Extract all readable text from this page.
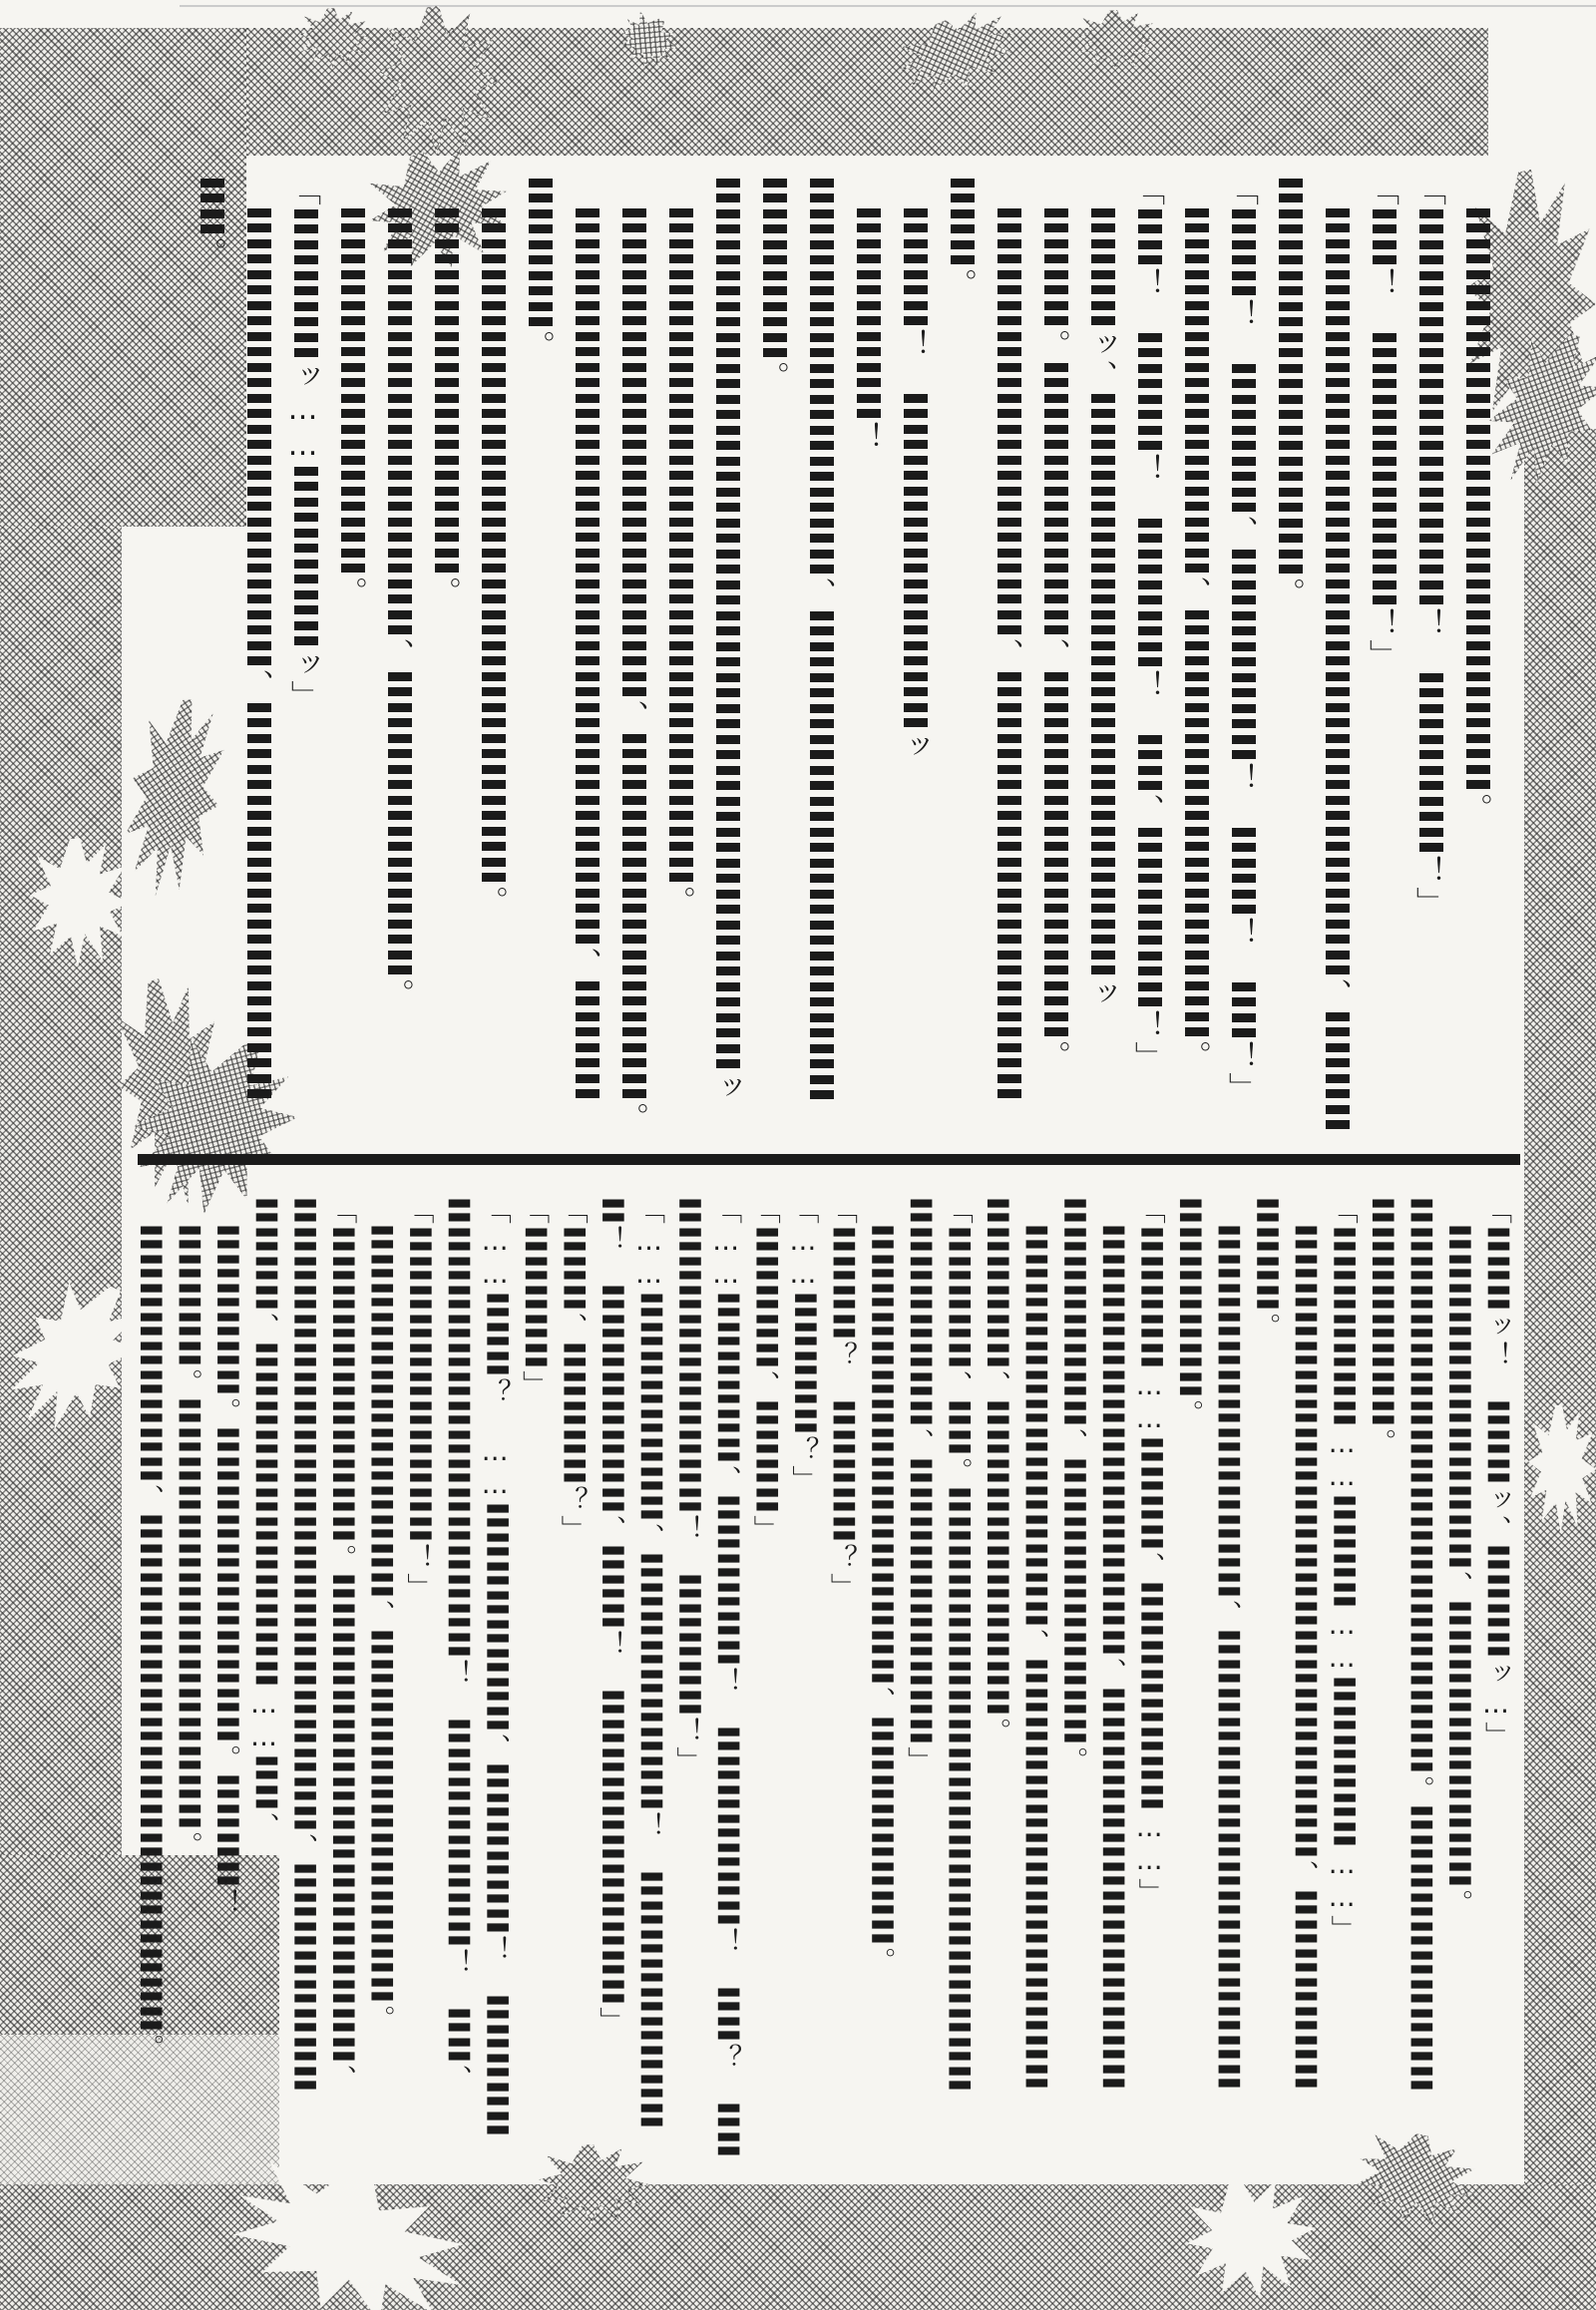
〓〓〓〓〓〓〓〓〓〓〓〓〓〓〓〓〓〓〓。
「〓〓〓〓〓〓〓〓〓〓〓〓〓！　〓〓〓〓〓〓！」
「〓〓！　〓〓〓〓〓〓〓〓〓！」
〓〓〓〓〓〓〓〓〓〓〓〓〓〓〓〓〓〓〓〓〓〓〓〓〓、〓〓〓〓
〓〓〓〓〓〓〓〓〓〓〓〓〓。
「〓〓〓！　〓〓〓〓〓、〓〓〓〓〓〓〓！　〓〓〓！　〓〓！」
〓〓〓〓〓〓〓〓〓〓〓〓、〓〓〓〓〓〓〓〓〓〓〓〓〓〓。
「〓〓！　〓〓〓〓！　〓〓〓〓〓！　〓〓、〓〓〓〓〓〓！」
〓〓〓〓ッ、〓〓〓〓〓〓〓〓〓〓〓〓〓〓〓〓〓〓〓ッ
〓〓〓〓。〓〓〓〓〓〓〓〓〓、〓〓〓〓〓〓〓〓〓〓〓〓。
〓〓〓〓〓〓〓〓〓〓〓〓〓〓、〓〓〓〓〓〓〓〓〓〓〓〓〓〓
〓〓〓。
〓〓〓〓！　〓〓〓〓〓〓〓〓〓〓〓ッ
〓〓〓〓〓〓〓！
〓〓〓〓〓〓〓〓〓〓〓〓〓、〓〓〓〓〓〓〓〓〓〓〓〓〓〓〓〓
〓〓〓〓〓〓。
〓〓〓〓〓〓〓〓〓〓〓〓〓〓〓〓〓〓〓〓〓〓〓〓〓〓〓〓〓ッ
〓〓〓〓〓〓〓〓〓〓〓〓〓〓〓〓〓〓〓〓〓〓。
〓〓〓〓〓〓〓〓〓〓〓〓〓〓〓〓、〓〓〓〓〓〓〓〓〓〓〓〓。
〓〓〓〓〓〓〓〓〓〓〓〓〓〓〓〓〓〓〓〓〓〓〓〓、〓〓〓〓
〓〓〓〓〓。
〓〓〓〓〓〓〓〓〓〓〓〓〓〓〓〓〓〓〓〓〓〓。
〓〓〓〓〓〓〓〓〓〓〓〓。
〓〓〓〓〓〓〓〓〓〓〓〓〓〓、〓〓〓〓〓〓〓〓〓〓。
〓〓〓〓〓〓〓〓〓〓〓〓。
「〓〓〓〓〓ッ……〓〓〓〓〓〓ッ」
〓〓〓〓〓〓〓〓〓〓〓〓〓〓〓、〓〓〓〓〓〓〓〓〓〓〓〓〓
〓〓。
「〓〓〓ッ！　〓〓〓ッ、〓〓〓〓ッ…」
〓〓〓〓〓〓〓〓〓〓〓〓、〓〓〓〓〓〓〓〓〓〓。
〓〓〓〓〓〓〓〓〓〓〓〓〓〓〓〓〓〓〓〓。〓〓〓〓〓〓〓〓〓〓
〓〓〓〓〓〓〓〓。
「〓〓〓〓〓〓〓……〓〓〓〓……〓〓〓〓〓〓……」
〓〓〓〓〓〓〓〓〓〓〓〓〓〓〓〓〓〓〓〓〓〓、〓〓〓〓〓〓〓
〓〓〓〓。
〓〓〓〓〓〓〓〓〓〓〓〓〓、〓〓〓〓〓〓〓〓〓〓〓〓〓〓〓〓
〓〓〓〓〓〓〓。
「〓〓〓〓〓……〓〓〓〓、〓〓〓〓〓〓〓〓……」
〓〓〓〓〓〓〓〓〓〓〓〓〓〓〓、〓〓〓〓〓〓〓〓〓〓〓〓〓〓
〓〓〓〓〓〓〓〓、〓〓〓〓〓〓〓〓〓〓。
〓〓〓〓〓〓〓〓〓〓〓〓〓〓、〓〓〓〓〓〓〓〓〓〓〓〓〓〓〓
〓〓〓〓〓〓、〓〓〓〓〓〓〓〓〓〓〓。
「〓〓〓〓〓、〓〓。〓〓〓〓〓〓〓〓〓〓〓〓〓〓〓〓〓〓〓〓〓
〓〓〓〓〓〓〓〓、〓〓〓〓〓〓〓〓〓〓」
〓〓〓〓〓〓〓〓〓〓〓〓〓〓〓〓、〓〓〓〓〓〓〓〓。
「〓〓〓〓？　〓〓〓〓〓？」
「……〓〓〓〓〓？」
「〓〓〓〓〓、〓〓〓〓」
「……〓〓〓〓〓〓、〓〓〓〓〓〓！　〓〓〓〓〓〓〓！　〓〓？　〓〓
〓〓〓〓〓〓〓〓〓〓〓！　〓〓〓〓〓！」
「……〓〓〓〓〓〓〓〓、〓〓〓〓〓〓〓〓〓！　〓〓〓〓〓〓〓〓〓
〓！　〓〓〓〓〓〓〓〓、〓〓〓！　〓〓〓〓〓〓〓〓〓〓〓」
「〓〓〓、〓〓〓〓〓？」
「〓〓〓〓〓」
「……〓〓〓？　……〓〓〓〓〓〓〓〓、〓〓〓〓〓〓！　〓〓〓〓〓
〓〓〓〓〓〓〓〓〓〓〓〓〓〓〓〓！　〓〓〓〓〓〓〓〓！　〓〓、
「〓〓〓〓〓〓〓〓〓〓〓！」
〓〓〓〓〓〓〓〓〓〓〓〓〓、〓〓〓〓〓〓〓〓〓〓〓〓〓。
「〓〓〓〓〓〓〓〓〓〓〓。〓〓〓〓〓〓〓〓〓〓〓〓〓〓〓〓〓、
〓〓〓〓〓〓〓〓〓〓〓〓〓〓〓〓〓〓〓〓〓〓、〓〓〓〓〓〓〓〓
〓〓〓〓、〓〓〓〓〓〓〓〓〓〓〓〓……〓〓、
〓〓〓〓〓〓。〓〓〓〓〓〓〓〓〓〓〓。〓〓〓〓！
〓〓〓〓〓。〓〓〓〓〓〓〓〓〓〓〓〓〓〓〓。
〓〓〓〓〓〓〓〓〓、〓〓〓〓〓〓〓〓〓〓〓〓〓〓〓〓〓〓。
